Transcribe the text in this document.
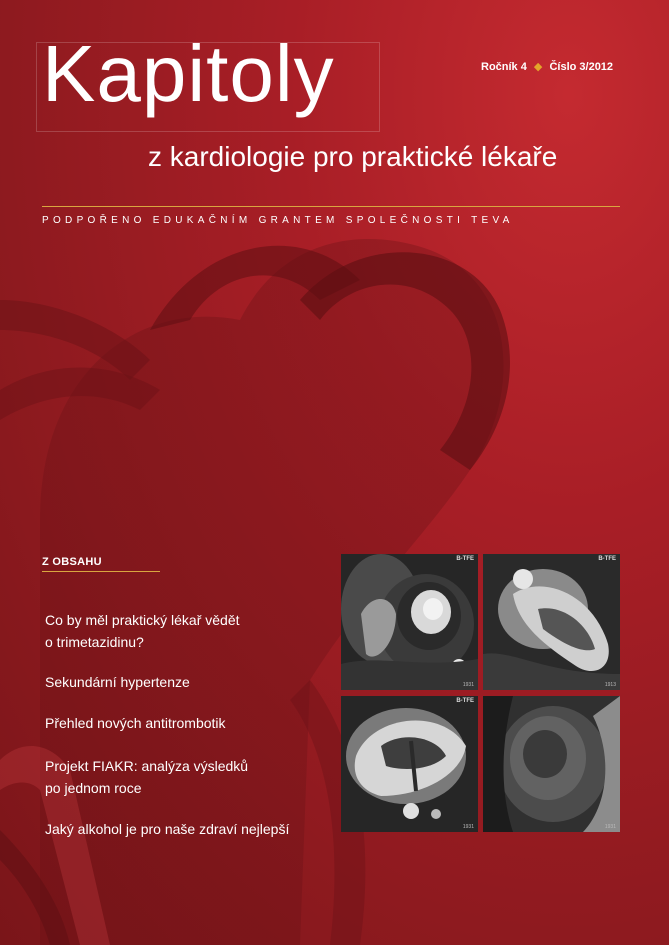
Kapitoly
z kardiologie pro praktické lékaře
Ročník 4 ◆ Číslo 3/2012
PODPOŘENO EDUKAČNÍM GRANTEM SPOLEČNOSTI TEVA
Z OBSAHU
Co by měl praktický lékař vědět
o trimetazidinu?
Sekundární hypertenze
Přehled nových antitrombotik
Projekt FIAKR: analýza výsledků
po jednom roce
Jaký alkohol je pro naše zdraví nejlepší
B-TFE
1931
B-TFE
1913
B-TFE
1931	1931
